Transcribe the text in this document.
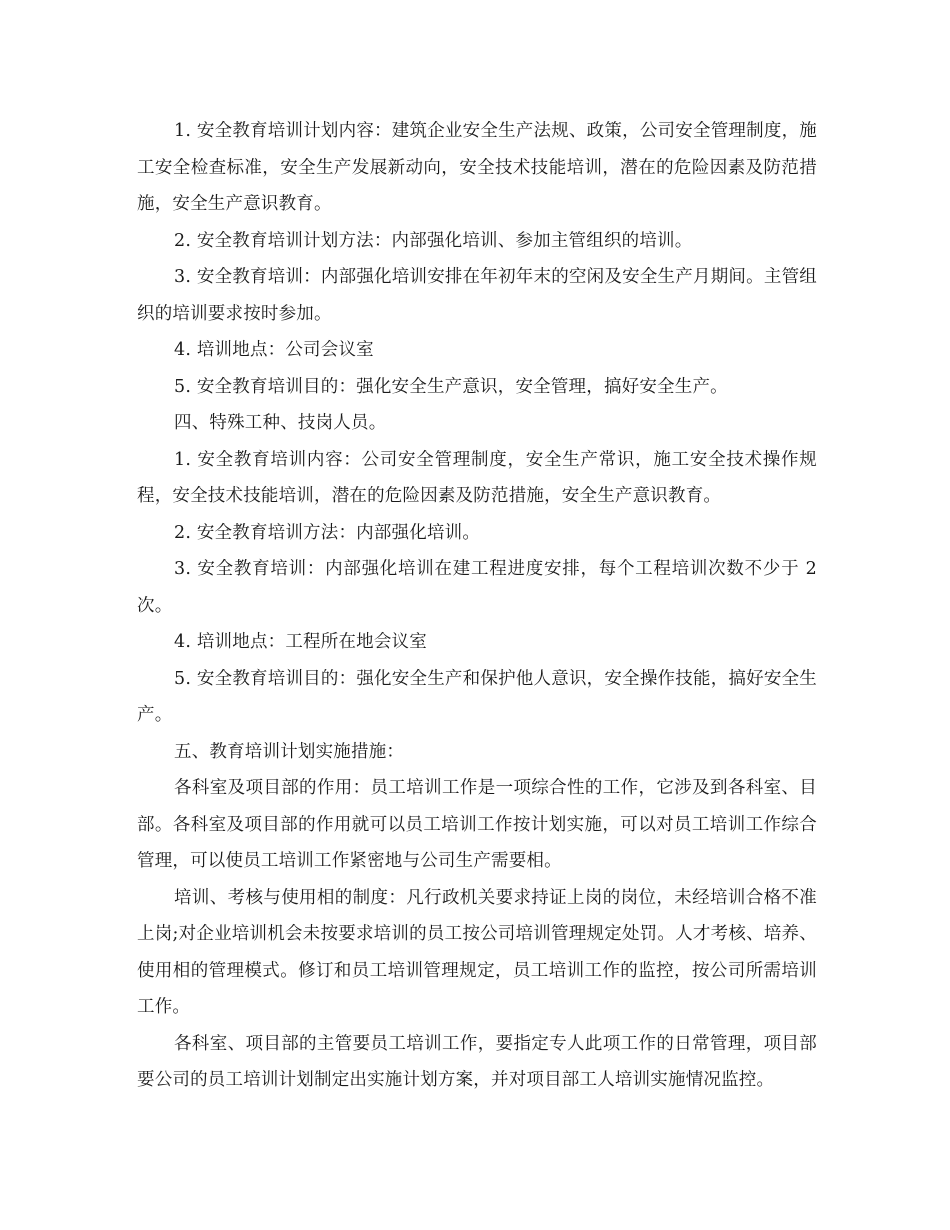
1. 安全教育培训计划内容：建筑企业安全生产法规、政策，公司安全管理制度，施工安全检查标准，安全生产发展新动向，安全技术技能培训，潜在的危险因素及防范措施，安全生产意识教育。

2. 安全教育培训计划方法：内部强化培训、参加主管组织的培训。

3. 安全教育培训：内部强化培训安排在年初年末的空闲及安全生产月期间。主管组织的培训要求按时参加。

4. 培训地点：公司会议室

5. 安全教育培训目的：强化安全生产意识，安全管理，搞好安全生产。

四、特殊工种、技岗人员。

1. 安全教育培训内容：公司安全管理制度，安全生产常识，施工安全技术操作规程，安全技术技能培训，潜在的危险因素及防范措施，安全生产意识教育。

2. 安全教育培训方法：内部强化培训。

3. 安全教育培训：内部强化培训在建工程进度安排，每个工程培训次数不少于 2 次。

4. 培训地点：工程所在地会议室

5. 安全教育培训目的：强化安全生产和保护他人意识，安全操作技能，搞好安全生产。

五、教育培训计划实施措施：

各科室及项目部的作用：员工培训工作是一项综合性的工作，它涉及到各科室、目部。各科室及项目部的作用就可以员工培训工作按计划实施，可以对员工培训工作综合管理，可以使员工培训工作紧密地与公司生产需要相。

培训、考核与使用相的制度：凡行政机关要求持证上岗的岗位，未经培训合格不准上岗;对企业培训机会未按要求培训的员工按公司培训管理规定处罚。人才考核、培养、使用相的管理模式。修订和员工培训管理规定，员工培训工作的监控，按公司所需培训工作。

各科室、项目部的主管要员工培训工作，要指定专人此项工作的日常管理，项目部要公司的员工培训计划制定出实施计划方案，并对项目部工人培训实施情况监控。
